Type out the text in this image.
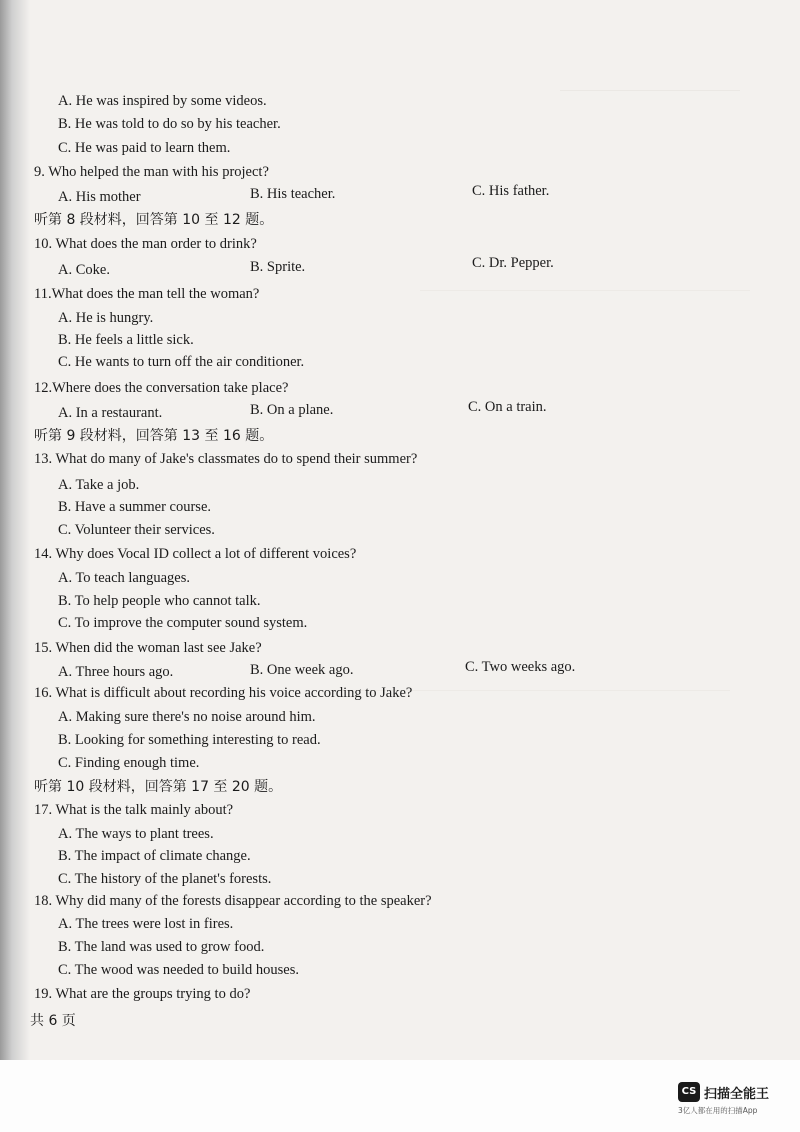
A. He was inspired by some videos.
B. He was told to do so by his teacher.
C. He was paid to learn them.
9. Who helped the man with his project?
A. His mother	B. His teacher.	C. His father.
听第 8 段材料，回答第 10 至 12 题。
10. What does the man order to drink?
A. Coke.	B. Sprite.	C. Dr. Pepper.
11.What does the man tell the woman?
A. He is hungry.
B. He feels a little sick.
C. He wants to turn off the air conditioner.
12.Where does the conversation take place?
A. In a restaurant.	B. On a plane.	C. On a train.
听第 9 段材料，回答第 13 至 16 题。
13. What do many of Jake's classmates do to spend their summer?
A. Take a job.
B. Have a summer course.
C. Volunteer their services.
14. Why does Vocal ID collect a lot of different voices?
A. To teach languages.
B. To help people who cannot talk.
C. To improve the computer sound system.
15. When did the woman last see Jake?
A. Three hours ago.	B. One week ago.	C. Two weeks ago.
16. What is difficult about recording his voice according to Jake?
A. Making sure there's no noise around him.
B. Looking for something interesting to read.
C. Finding enough time.
听第 10 段材料，回答第 17 至 20 题。
17. What is the talk mainly about?
A. The ways to plant trees.
B. The impact of climate change.
C. The history of the planet's forests.
18. Why did many of the forests disappear according to the speaker?
A. The trees were lost in fires.
B. The land was used to grow food.
C. The wood was needed to build houses.
19. What are the groups trying to do?
共 6 页
CS 扫描全能王
3亿人都在用的扫描App
